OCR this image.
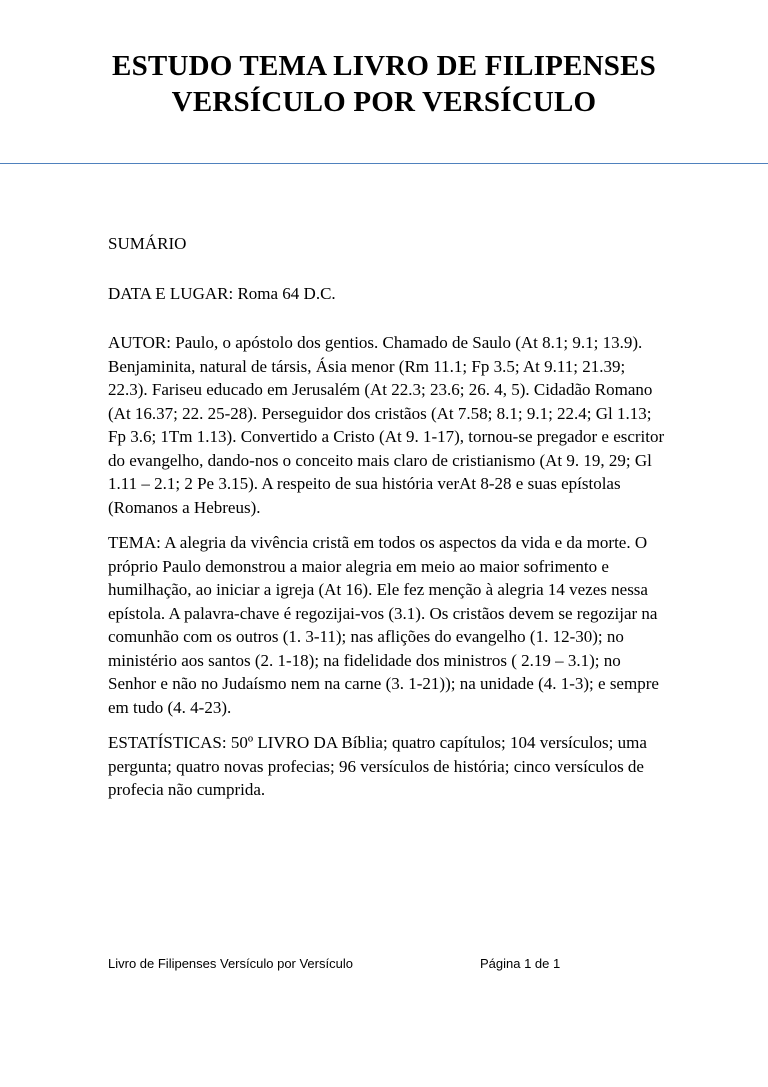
ESTUDO TEMA LIVRO DE FILIPENSES

VERSÍCULO POR VERSÍCULO

SUMÁRIO

DATA E LUGAR: Roma 64 D.C.

AUTOR: Paulo, o apóstolo dos gentios. Chamado de Saulo (At 8.1; 9.1; 13.9). Benjaminita, natural de társis, Ásia menor (Rm 11.1; Fp 3.5; At 9.11; 21.39; 22.3). Fariseu educado em Jerusalém (At 22.3; 23.6; 26. 4, 5). Cidadão Romano (At 16.37; 22. 25-28). Perseguidor dos cristãos (At 7.58; 8.1; 9.1; 22.4; Gl 1.13; Fp 3.6; 1Tm 1.13). Convertido a Cristo (At 9. 1-17), tornou-se pregador e escritor do evangelho, dando-nos o conceito mais claro de cristianismo (At 9. 19, 29; Gl 1.11 – 2.1; 2 Pe 3.15). A respeito de sua história verAt 8-28 e suas epístolas (Romanos a Hebreus).

TEMA: A alegria da vivência cristã em todos os aspectos da vida e da morte. O próprio Paulo demonstrou a maior alegria em meio ao maior sofrimento e humilhação, ao iniciar a igreja (At 16). Ele fez menção à alegria 14 vezes nessa epístola. A palavra-chave é regozijai-vos (3.1). Os cristãos devem se regozijar na comunhão com os outros (1. 3-11); nas aflições do evangelho (1. 12-30); no ministério aos santos (2. 1-18); na fidelidade dos ministros ( 2.19 – 3.1); no Senhor e não no Judaísmo nem na carne (3. 1-21)); na unidade (4. 1-3); e sempre em tudo (4. 4-23).

ESTATÍSTICAS: 50º LIVRO DA Bíblia; quatro capítulos; 104 versículos; uma pergunta; quatro novas profecias; 96 versículos de história; cinco versículos de profecia não cumprida.

Livro de Filipenses Versículo por Versículo	Página 1 de 1
